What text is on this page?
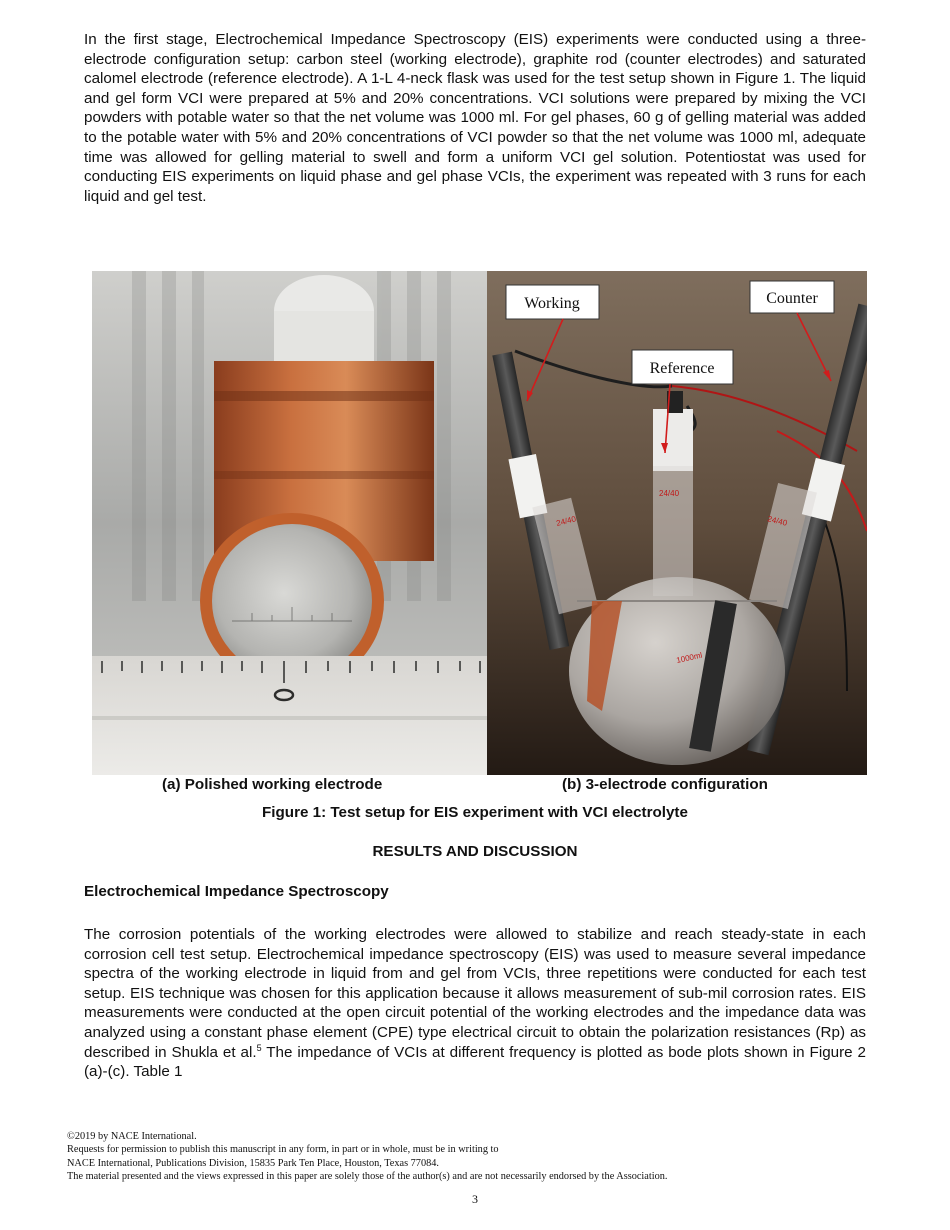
In the first stage, Electrochemical Impedance Spectroscopy (EIS) experiments were conducted using a three-electrode configuration setup: carbon steel (working electrode), graphite rod (counter electrodes) and saturated calomel electrode (reference electrode). A 1-L 4-neck flask was used for the test setup shown in Figure 1. The liquid and gel form VCI were prepared at 5% and 20% concentrations. VCI solutions were prepared by mixing the VCI powders with potable water so that the net volume was 1000 ml. For gel phases, 60 g of gelling material was added to the potable water with 5% and 20% concentrations of VCI powder so that the net volume was 1000 ml, adequate time was allowed for gelling material to swell and form a uniform VCI gel solution. Potentiostat was used for conducting EIS experiments on liquid phase and gel phase VCIs, the experiment was repeated with 3 runs for each liquid and gel test.

24/40
24/40
24/40
1000ml
Working	Counter
Reference
(a) Polished working electrode	(b) 3-electrode configuration
Figure 1: Test setup for EIS experiment with VCI electrolyte
RESULTS AND DISCUSSION
Electrochemical Impedance Spectroscopy

The corrosion potentials of the working electrodes were allowed to stabilize and reach steady-state in each corrosion cell test setup. Electrochemical impedance spectroscopy (EIS) was used to measure several impedance spectra of the working electrode in liquid from and gel from VCIs, three repetitions were conducted for each test setup. EIS technique was chosen for this application because it allows measurement of sub-mil corrosion rates. EIS measurements were conducted at the open circuit potential of the working electrodes and the impedance data was analyzed using a constant phase element (CPE) type electrical circuit to obtain the polarization resistances (Rp) as described in Shukla et al.$^5$ The impedance of VCIs at different frequency is plotted as bode plots shown in Figure 2 (a)-(c). Table 1

©2019 by NACE International.
Requests for permission to publish this manuscript in any form, in part or in whole, must be in writing to
NACE International, Publications Division, 15835 Park Ten Place, Houston, Texas 77084.
The material presented and the views expressed in this paper are solely those of the author(s) and are not necessarily endorsed by the Association.
3
